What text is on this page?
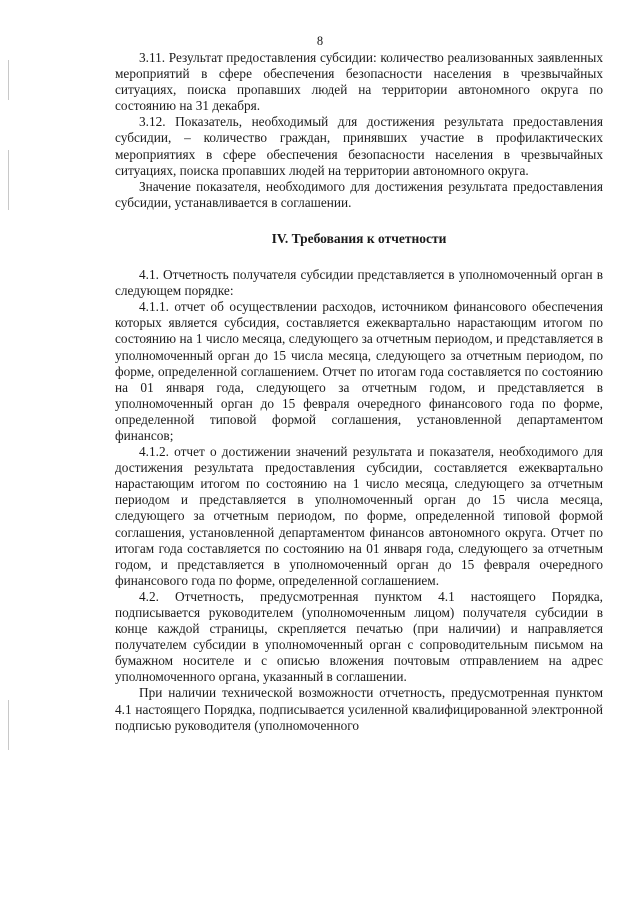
8

3.11. Результат предоставления субсидии: количество реализованных заявленных мероприятий в сфере обеспечения безопасности населения в чрезвычайных ситуациях, поиска пропавших людей на территории автономного округа по состоянию на 31 декабря.

3.12. Показатель, необходимый для достижения результата предоставления субсидии, – количество граждан, принявших участие в профилактических мероприятиях в сфере обеспечения безопасности населения в чрезвычайных ситуациях, поиска пропавших людей на территории автономного округа.

Значение показателя, необходимого для достижения результата предоставления субсидии, устанавливается в соглашении.

IV. Требования к отчетности

4.1. Отчетность получателя субсидии представляется в уполномоченный орган в следующем порядке:

4.1.1. отчет об осуществлении расходов, источником финансового обеспечения которых является субсидия, составляется ежеквартально нарастающим итогом по состоянию на 1 число месяца, следующего за отчетным периодом, и представляется в уполномоченный орган до 15 числа месяца, следующего за отчетным периодом, по форме, определенной соглашением. Отчет по итогам года составляется по состоянию на 01 января года, следующего за отчетным годом, и представляется в уполномоченный орган до 15 февраля очередного финансового года по форме, определенной типовой формой соглашения, установленной департаментом финансов;

4.1.2. отчет о достижении значений результата и показателя, необходимого для достижения результата предоставления субсидии, составляется ежеквартально нарастающим итогом по состоянию на 1 число месяца, следующего за отчетным периодом и представляется в уполномоченный орган до 15 числа месяца, следующего за отчетным периодом, по форме, определенной типовой формой соглашения, установленной департаментом финансов автономного округа. Отчет по итогам года составляется по состоянию на 01 января года, следующего за отчетным годом, и представляется в уполномоченный орган до 15 февраля очередного финансового года по форме, определенной соглашением.

4.2. Отчетность, предусмотренная пунктом 4.1 настоящего Порядка, подписывается руководителем (уполномоченным лицом) получателя субсидии в конце каждой страницы, скрепляется печатью (при наличии) и направляется получателем субсидии в уполномоченный орган с сопроводительным письмом на бумажном носителе и с описью вложения почтовым отправлением на адрес уполномоченного органа, указанный в соглашении.

При наличии технической возможности отчетность, предусмотренная пунктом 4.1 настоящего Порядка, подписывается усиленной квалифицированной электронной подписью руководителя (уполномоченного
